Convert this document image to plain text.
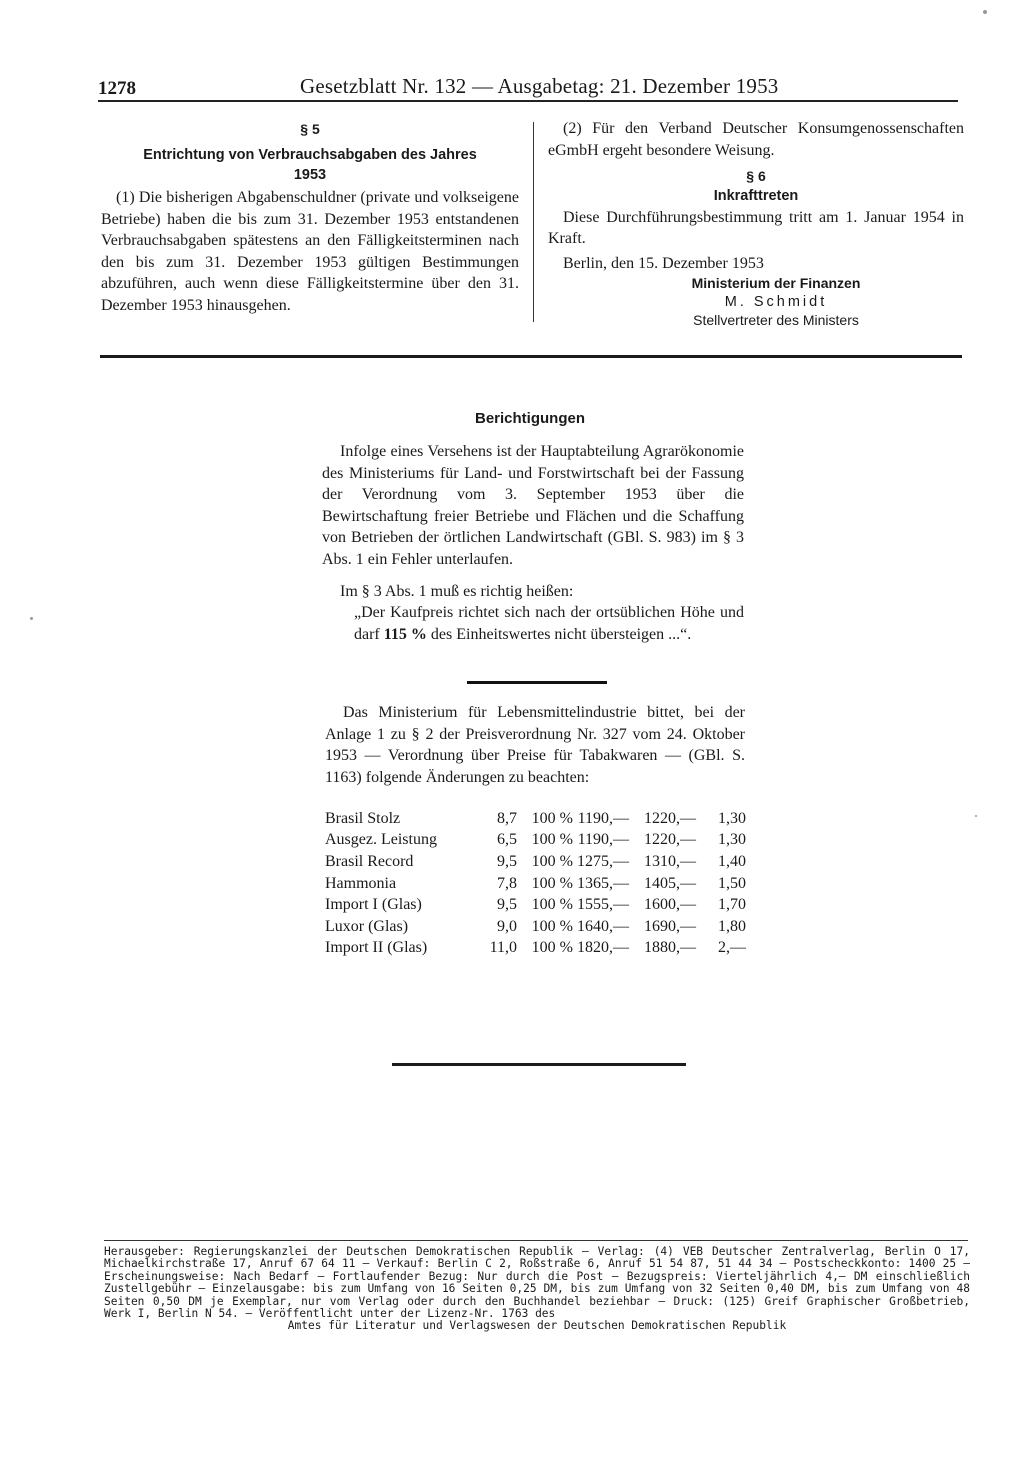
1278	Gesetzblatt Nr. 132 — Ausgabetag: 21. Dezember 1953
§ 5
Entrichtung von Verbrauchsabgaben des Jahres 1953

(1) Die bisherigen Abgabenschuldner (private und volkseigene Betriebe) haben die bis zum 31. Dezember 1953 entstandenen Verbrauchsabgaben spätestens an den Fälligkeitsterminen nach den bis zum 31. Dezember 1953 gültigen Bestimmungen abzuführen, auch wenn diese Fälligkeitstermine über den 31. Dezember 1953 hinausgehen.

(2) Für den Verband Deutscher Konsumgenossenschaften eGmbH ergeht besondere Weisung.

§ 6
Inkrafttreten

Diese Durchführungsbestimmung tritt am 1. Januar 1954 in Kraft.

Berlin, den 15. Dezember 1953

Ministerium der Finanzen
M. Schmidt
Stellvertreter des Ministers
Berichtigungen

Infolge eines Versehens ist der Hauptabteilung Agrarökonomie des Ministeriums für Land- und Forstwirtschaft bei der Fassung der Verordnung vom 3. September 1953 über die Bewirtschaftung freier Betriebe und Flächen und die Schaffung von Betrieben der örtlichen Landwirtschaft (GBl. S. 983) im § 3 Abs. 1 ein Fehler unterlaufen.

Im § 3 Abs. 1 muß es richtig heißen:

„Der Kaufpreis richtet sich nach der ortsüblichen Höhe und darf 115 % des Einheitswertes nicht übersteigen ...“.

Das Ministerium für Lebensmittelindustrie bittet, bei der Anlage 1 zu § 2 der Preisverordnung Nr. 327 vom 24. Oktober 1953 — Verordnung über Preise für Tabakwaren — (GBl. S. 1163) folgende Änderungen zu beachten:

Brasil Stolz	8,7	100 %	1190,—	1220,—	1,30
Ausgez. Leistung	6,5	100 %	1190,—	1220,—	1,30
Brasil Record	9,5	100 %	1275,—	1310,—	1,40
Hammonia	7,8	100 %	1365,—	1405,—	1,50
Import I (Glas)	9,5	100 %	1555,—	1600,—	1,70
Luxor (Glas)	9,0	100 %	1640,—	1690,—	1,80
Import II (Glas)	11,0	100 %	1820,—	1880,—	2,—
Herausgeber: Regierungskanzlei der Deutschen Demokratischen Republik — Verlag: (4) VEB Deutscher Zentralverlag, Berlin O 17, Michaelkirchstraße 17, Anruf 67 64 11 — Verkauf: Berlin C 2, Roßstraße 6, Anruf 51 54 87, 51 44 34 — Postscheckkonto: 1400 25 — Erscheinungsweise: Nach Bedarf — Fortlaufender Bezug: Nur durch die Post — Bezugspreis: Vierteljährlich 4,— DM einschließlich Zustellgebühr — Einzelausgabe: bis zum Umfang von 16 Seiten 0,25 DM, bis zum Umfang von 32 Seiten 0,40 DM, bis zum Umfang von 48 Seiten 0,50 DM je Exemplar, nur vom Verlag oder durch den Buchhandel beziehbar — Druck: (125) Greif Graphischer Großbetrieb, Werk I, Berlin N 54. — Veröffentlicht unter der Lizenz-Nr. 1763 des
Amtes für Literatur und Verlagswesen der Deutschen Demokratischen Republik
